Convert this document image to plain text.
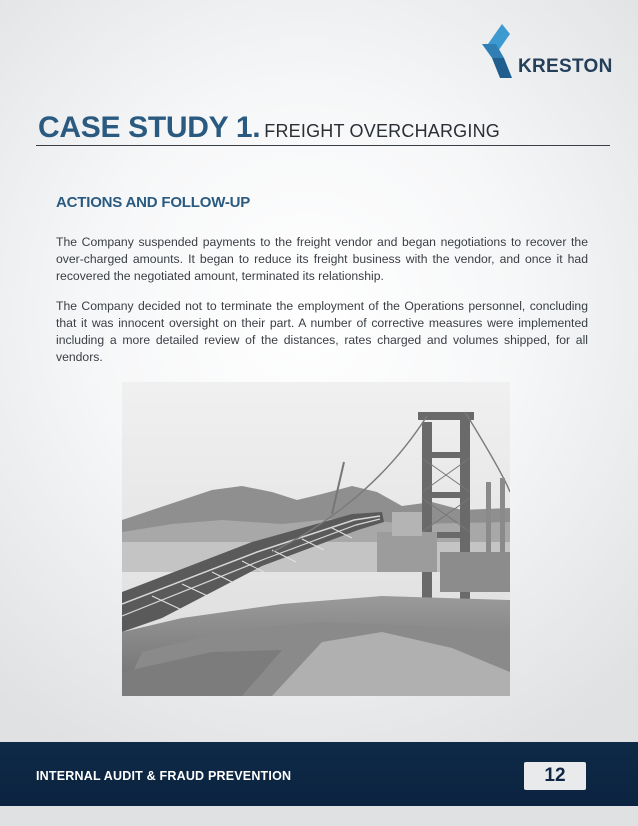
KRESTON
CASE STUDY 1. FREIGHT OVERCHARGING
ACTIONS AND FOLLOW-UP

The Company suspended payments to the freight vendor and began negotiations to recover the over-charged amounts. It began to reduce its freight business with the vendor, and once it had recovered the negotiated amount, terminated its relationship.

The Company decided not to terminate the employment of the Operations personnel, concluding that it was innocent oversight on their part. A number of corrective measures were implemented including a more detailed review of the distances, rates charged and volumes shipped, for all vendors.

INTERNAL AUDIT & FRAUD PREVENTION	12
